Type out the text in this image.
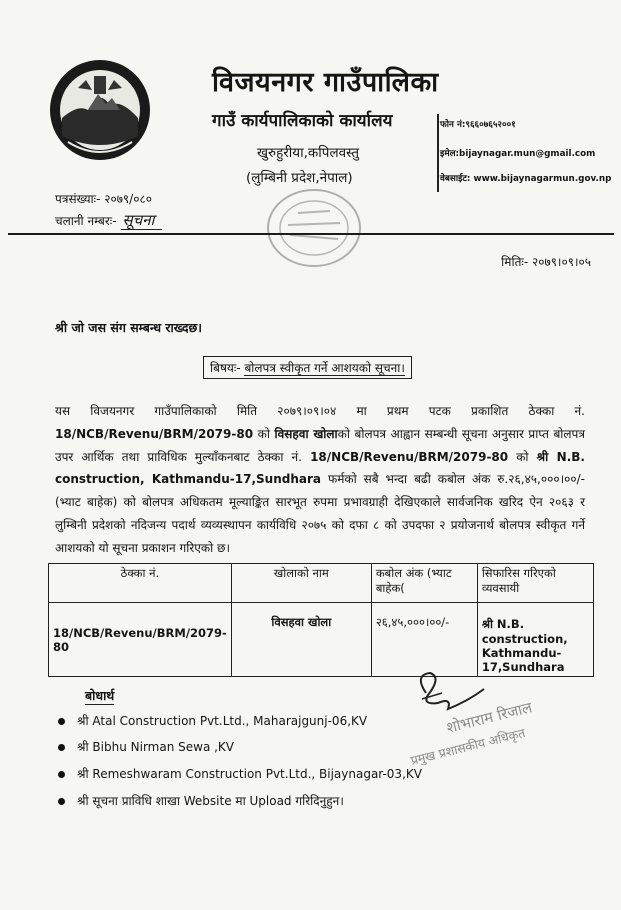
विजयनगर गाउँपालिका
गाउँ कार्यपालिकाको कार्यालय
खुरुहुरीया,कपिलवस्तु
(लुम्बिनी प्रदेश,नेपाल)
फोन नं:९६६०७६५२००१
इमेल:bijaynagar.mun@gmail.com
वेबसाईट: www.bijaynagarmun.gov.np
पत्रसंख्याः- २०७९/०८०
चलानी नम्बरः- सूचना
मितिः- २०७९।०९।०५
श्री जो जस संग सम्बन्ध राख्दछ।
बिषयः- बोलपत्र स्वीकृत गर्ने आशयको सूचना।
यस विजयनगर गाउँपालिकाको मिति २०७९।०९।०४ मा प्रथम पटक प्रकाशित ठेक्का नं. 18/NCB/Revenu/BRM/2079-80 को विसहवा खोलाको बोलपत्र आह्वान सम्बन्धी सूचना अनुसार प्राप्त बोलपत्र उपर आर्थिक तथा प्राविधिक मुल्याँकनबाट ठेक्का नं. 18/NCB/Revenu/BRM/2079-80 को श्री N.B. construction, Kathmandu-17,Sundhara फर्मको सबै भन्दा बढी कबोल अंक रु.२६,४५,०००।००/-(भ्याट बाहेक) को बोलपत्र अधिकतम मूल्याङ्कित सारभूत रुपमा प्रभावग्राही देखिएकाले सार्वजनिक खरिद ऐन २०६३ र लुम्बिनी प्रदेशको नदिजन्य पदार्थ व्यव्यस्थापन कार्यविधि २०७५ को दफा ८ को उपदफा २ प्रयोजनार्थ बोलपत्र स्वीकृत गर्ने आशयको यो सूचना प्रकाशन गरिएको छ।
ठेक्का नं.	खोलाको नाम	कबोल अंक (भ्याट बाहेक(	सिफारिस गरिएको व्यवसायी
18/NCB/Revenu/BRM/2079-80	विसहवा खोला	२६,४५,०००।००/-	श्री N.B. construction, Kathmandu-17,Sundhara
शोभाराम रिजाल
प्रमुख प्रशासकीय अधिकृत
बोधार्थ
श्री Atal Construction Pvt.Ltd., Maharajgunj-06,KV
श्री Bibhu Nirman Sewa ,KV
श्री Remeshwaram Construction Pvt.Ltd., Bijaynagar-03,KV
श्री सूचना प्राविधि शाखा Website मा Upload गरिदिनुहुन।
